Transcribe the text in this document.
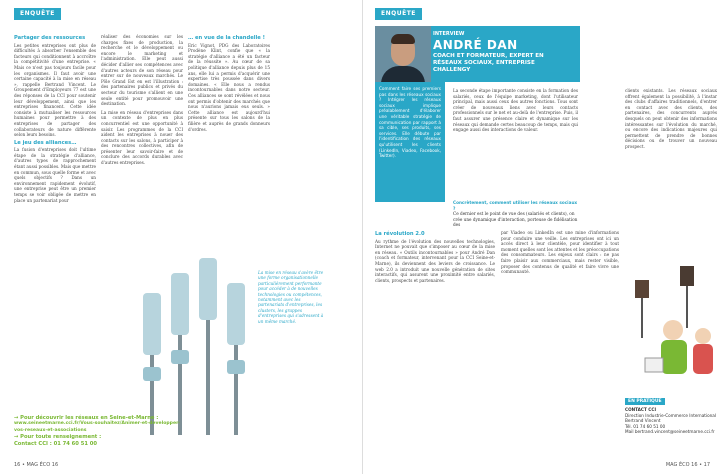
ENQUÊTE
Partager des ressources
Les petites entreprises ont plus de difficultés à absorber l'ensemble des facteurs qui conditionnent à accroître la compétitivité d'une entreprise. « Mais ce n'est pas toujours facile pour les organismes. Il faut avoir une certaine capacité à la mise en réseau », rappelle Bertrand Vincent. Le Groupement d'Employeurs 77 est une des réponses de la CCI pour soutenir leur développement, ainsi que les entreprises financent. Cette idée consiste à mutualiser les ressources humaines pour permettre à des entreprises de partager des collaborateurs de nature différente selon leurs besoins.
Le jeu des alliances…
La fusion d'entreprises doit l'ultime étape de la stratégie d'alliance, d'autres types de rapprochement étant aussi possibles. Mais que mettre en commun, sous quelle forme et avec quels objectifs ? Dans un environnement rapidement évolutif, une entreprise peut être un premier temps se voir obligée de mettre en place un partenariat pour
réaliser des économies sur les charges fixes de production, la recherche et le développement ou encore le marketing et l'administration. Elle peut aussi décider d'allier ses compétences avec d'autres acteurs de son réseau pour entrer sur de nouveaux marchés. Le Pôle Grand Est en est l'illustration : des partenaires publics et privés du secteur du tourisme s'allient en une seule entité pour promouvoir une destination.
La mise en réseau d'entreprises dans un contexte de plus en plus concurrentiel est une opportunité à saisir. Les programmes de la CCI aident les entreprises à nouer des contacts sur les salons, à participer à des rencontres collectives, afin de présenter leur savoir-faire et de conclure des accords durables avec d'autres entreprises.
… en vue de la chandelle !
Eric Vignot, PDG des Laboratoires Prodène Klint, confie que « la stratégie d'alliance a été un facteur de la réussite ». Au cœur de sa politique d'alliance depuis plus de 15 ans, elle lui a permis d'acquérir une expertise très poussée dans divers domaines. « Elle nous a rendus incontournables dans notre secteur. Ces alliances se sont révélées et nous ont permis d'obtenir des marchés que nous n'aurions jamais eus seuls. » Cette alliance est aujourd'hui présente sur tous les salons de la filière et auprès de grands donneurs d'ordres.
La mise en réseau s'avère être une forme organisationnelle particulièrement performante pour accéder à de nouvelles technologies ou compétences, notamment avec les partenariats d'entreprises, les clusters, les grappes d'entreprises qui s'adressent à un même marché.
→ Pour découvrir les réseaux en Seine-et-Marne :
www.seineetmarne.cci.fr/Vous-souhaitez/Animer-et-developper-vos-reseaux-et-associations
→ Pour toute renseignement :
Contact CCI : 01 74 60 51 00
16 • MAG ÉCO 16
ENQUÊTE
INTERVIEW
ANDRÉ DAN
COACH ET FORMATEUR, EXPERT EN RÉSEAUX SOCIAUX, ENTREPRISE CHALLENGY
Comment faire ses premiers pas dans les réseaux sociaux ? Intégrer les réseaux sociaux implique préalablement d'élaborer une véritable stratégie de communication par rapport à sa cible, ses produits, ses services. Elle débute par l'identification des réseaux qu'utilisent les clients (LinkedIn, Viadeo, Facebook, Twitter).
La seconde étape importante consiste en la formation des salariés, ceux de l'équipe marketing, dont l'utilisateur principal, mais aussi ceux des autres fonctions. Tous sont créer de nouveaux liens avec leurs contacts professionnels sur le net et au-delà de l'entreprise. Puis, il faut assurer une présence claire et dynamique sur les réseaux qui demande certes beaucoup de temps, mais qui engage aussi des interactions de valeur.
clients existants. Les réseaux sociaux offrent également la possibilité, à l'instar des clubs d'affaires traditionnels, d'entrer en contact avec des clients, des partenaires, des concurrents auprès desquels on peut obtenir des informations intéressantes sur l'évolution du marché, ou encore des indications majeures qui permettent de prendre de bonnes décisions ou de trouver un nouveau prospect.
Concrètement, comment utiliser les réseaux sociaux ?
Ce dernier est le point de vue des (salariés et clients), on crée une dynamique d'interaction, porteuse de fidélisation des
La révolution 2.0
Au rythme de l'évolution des nouvelles technologies, Internet ne pouvait que s'imposer au cœur de la mise en réseau. « Outils incontournables » pour André Dan (coach et formateur, intervenant pour la CCI Seine-et-Marne), ils deviennent des leviers de croissance. Le web 2.0 a introduit une nouvelle génération de sites interactifs, qui assurent une proximité entre salariés, clients, prospects et partenaires.
par Viadeo ou LinkedIn est une mine d'informations pour conduire une veille. Les entreprises ont ici un accès direct à leur clientèle, pour identifier à tout moment quelles sont les attentes et les préoccupations des consommateurs. Les enjeux sont clairs : ne pas faire plaisir aux commerciaux, mais rester visible, proposer des contenus de qualité et faire vivre une communauté.
EN PRATIQUE
CONTACT CCI
Direction Industrie-Commerce International
Bertrand Vincent
Tél. 01 74 60 51 00
Mail bertrand.vincent@seineetmarne.cci.fr
MAG ÉCO 16 • 17
